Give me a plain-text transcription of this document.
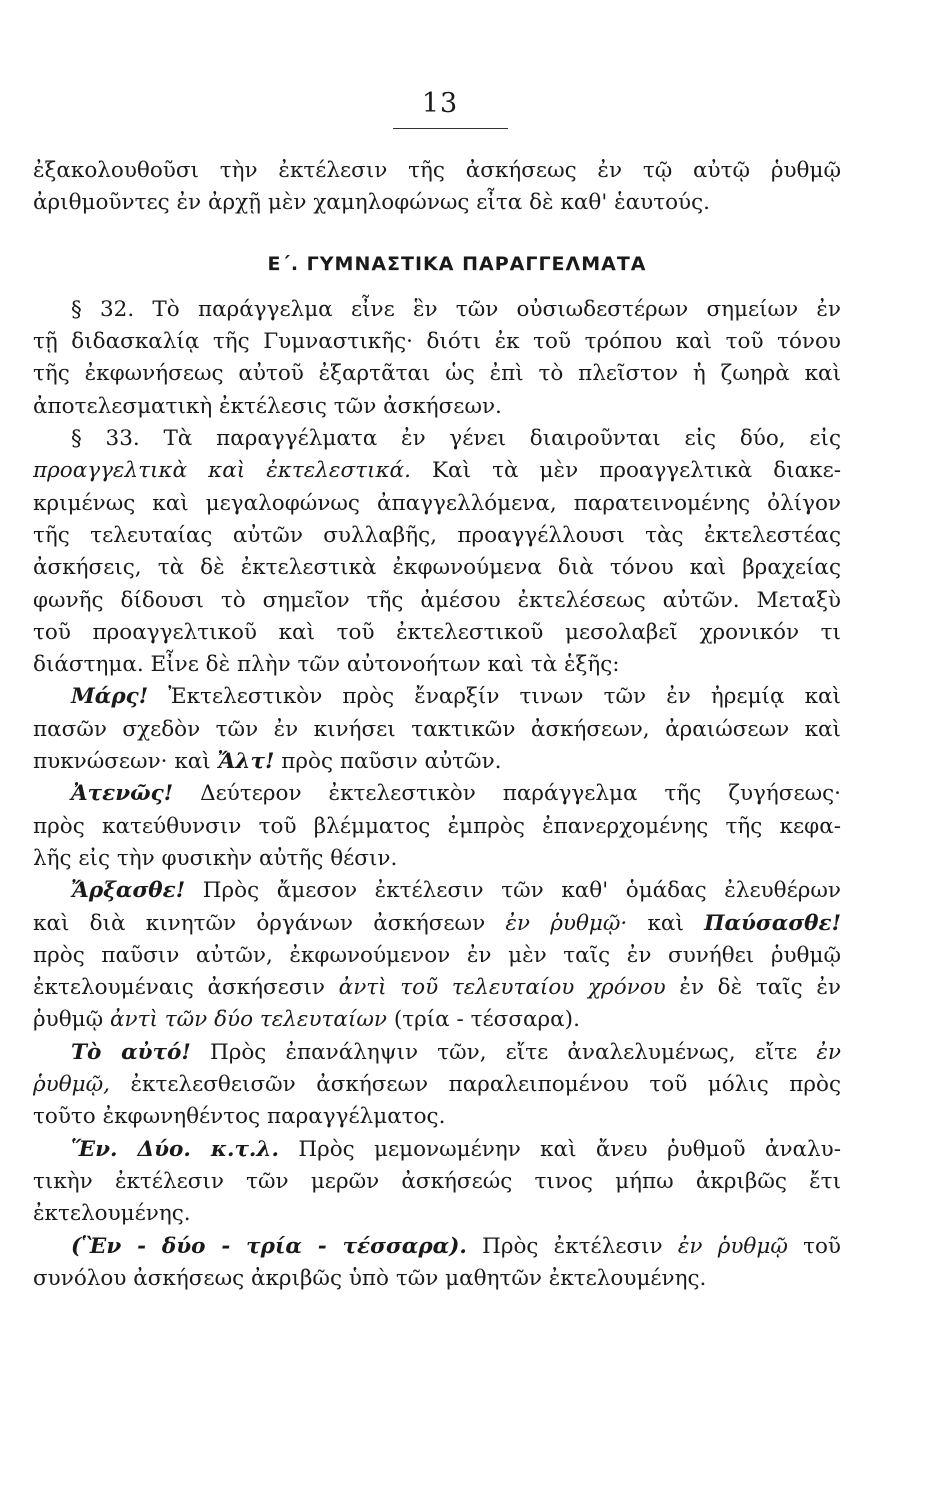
13
ἐξακολουθοῦσι τὴν ἐκτέλεσιν τῆς ἀσκήσεως ἐν τῷ αὐτῷ ῥυθμῷ
ἀριθμοῦντες ἐν ἀρχῇ μὲν χαμηλοφώνως εἶτα δὲ καθ' ἑαυτούς.
Ε΄. ΓΥΜΝΑΣΤΙΚΑ ΠΑΡΑΓΓΕΛΜΑΤΑ
§ 32. Τὸ παράγγελμα εἶνε ἓν τῶν οὐσιωδεστέρων σημείων ἐν
τῇ διδασκαλίᾳ τῆς Γυμναστικῆς· διότι ἐκ τοῦ τρόπου καὶ τοῦ τόνου
τῆς ἐκφωνήσεως αὐτοῦ ἐξαρτᾶται ὡς ἐπὶ τὸ πλεῖστον ἡ ζωηρὰ καὶ
ἀποτελεσματικὴ ἐκτέλεσις τῶν ἀσκήσεων.
§ 33. Τὰ παραγγέλματα ἐν γένει διαιροῦνται εἰς δύο, εἰς
προαγγελτικὰ καὶ ἐκτελεστικά. Καὶ τὰ μὲν προαγγελτικὰ διακε-
κριμένως καὶ μεγαλοφώνως ἀπαγγελλόμενα, παρατεινομένης ὀλίγον
τῆς τελευταίας αὐτῶν συλλαβῆς, προαγγέλλουσι τὰς ἐκτελεστέας
ἀσκήσεις, τὰ δὲ ἐκτελεστικὰ ἐκφωνούμενα διὰ τόνου καὶ βραχείας
φωνῆς δίδουσι τὸ σημεῖον τῆς ἀμέσου ἐκτελέσεως αὐτῶν. Μεταξὺ
τοῦ προαγγελτικοῦ καὶ τοῦ ἐκτελεστικοῦ μεσολαβεῖ χρονικόν τι
διάστημα. Εἶνε δὲ πλὴν τῶν αὐτονοήτων καὶ τὰ ἑξῆς:
Μάρς! Ἐκτελεστικὸν πρὸς ἔναρξίν τινων τῶν ἐν ἠρεμίᾳ καὶ
πασῶν σχεδὸν τῶν ἐν κινήσει τακτικῶν ἀσκήσεων, ἀραιώσεων καὶ
πυκνώσεων· καὶ Ἄλτ! πρὸς παῦσιν αὐτῶν.
Ἀτενῶς! Δεύτερον ἐκτελεστικὸν παράγγελμα τῆς ζυγήσεως·
πρὸς κατεύθυνσιν τοῦ βλέμματος ἐμπρὸς ἐπανερχομένης τῆς κεφα-
λῆς εἰς τὴν φυσικὴν αὐτῆς θέσιν.
Ἄρξασθε! Πρὸς ἄμεσον ἐκτέλεσιν τῶν καθ' ὁμάδας ἐλευθέρων
καὶ διὰ κινητῶν ὀργάνων ἀσκήσεων ἐν ῥυθμῷ· καὶ Παύσασθε!
πρὸς παῦσιν αὐτῶν, ἐκφωνούμενον ἐν μὲν ταῖς ἐν συνήθει ῥυθμῷ
ἐκτελουμέναις ἀσκήσεσιν ἀντὶ τοῦ τελευταίου χρόνου ἐν δὲ ταῖς ἐν
ῥυθμῷ ἀντὶ τῶν δύο τελευταίων (τρία - τέσσαρα).
Τὸ αὐτό! Πρὸς ἐπανάληψιν τῶν, εἴτε ἀναλελυμένως, εἴτε ἐν
ῥυθμῷ, ἐκτελεσθεισῶν ἀσκήσεων παραλειπομένου τοῦ μόλις πρὸς
τοῦτο ἐκφωνηθέντος παραγγέλματος.
Ἕν. Δύο. κ.τ.λ. Πρὸς μεμονωμένην καὶ ἄνευ ῥυθμοῦ ἀναλυ-
τικὴν ἐκτέλεσιν τῶν μερῶν ἀσκήσεώς τινος μήπω ἀκριβῶς ἔτι
ἐκτελουμένης.
(Ἓν - δύο - τρία - τέσσαρα). Πρὸς ἐκτέλεσιν ἐν ῥυθμῷ τοῦ
συνόλου ἀσκήσεως ἀκριβῶς ὑπὸ τῶν μαθητῶν ἐκτελουμένης.
